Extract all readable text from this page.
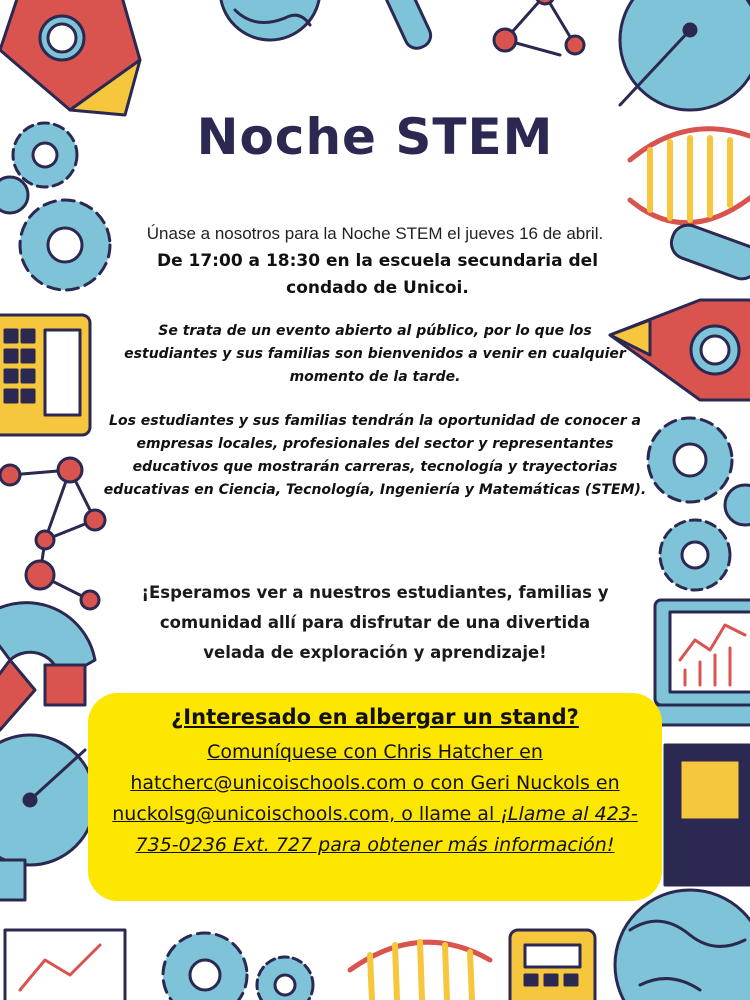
Noche STEM
Únase a nosotros para la Noche STEM el jueves 16 de abril.
De 17:00 a 18:30 en la escuela secundaria del condado de Unicoi.
Se trata de un evento abierto al público, por lo que los estudiantes y sus familias son bienvenidos a venir en cualquier momento de la tarde.
Los estudiantes y sus familias tendrán la oportunidad de conocer a empresas locales, profesionales del sector y representantes educativos que mostrarán carreras, tecnología y trayectorias educativas en Ciencia, Tecnología, Ingeniería y Matemáticas (STEM).
¡Esperamos ver a nuestros estudiantes, familias y comunidad allí para disfrutar de una divertida velada de exploración y aprendizaje!
¿Interesado en albergar un stand?
Comuníquese con Chris Hatcher en hatcherc@unicoischools.com o con Geri Nuckols en nuckolsg@unicoischools.com, o llame al ¡Llame al 423-735-0236 Ext. 727 para obtener más información!
